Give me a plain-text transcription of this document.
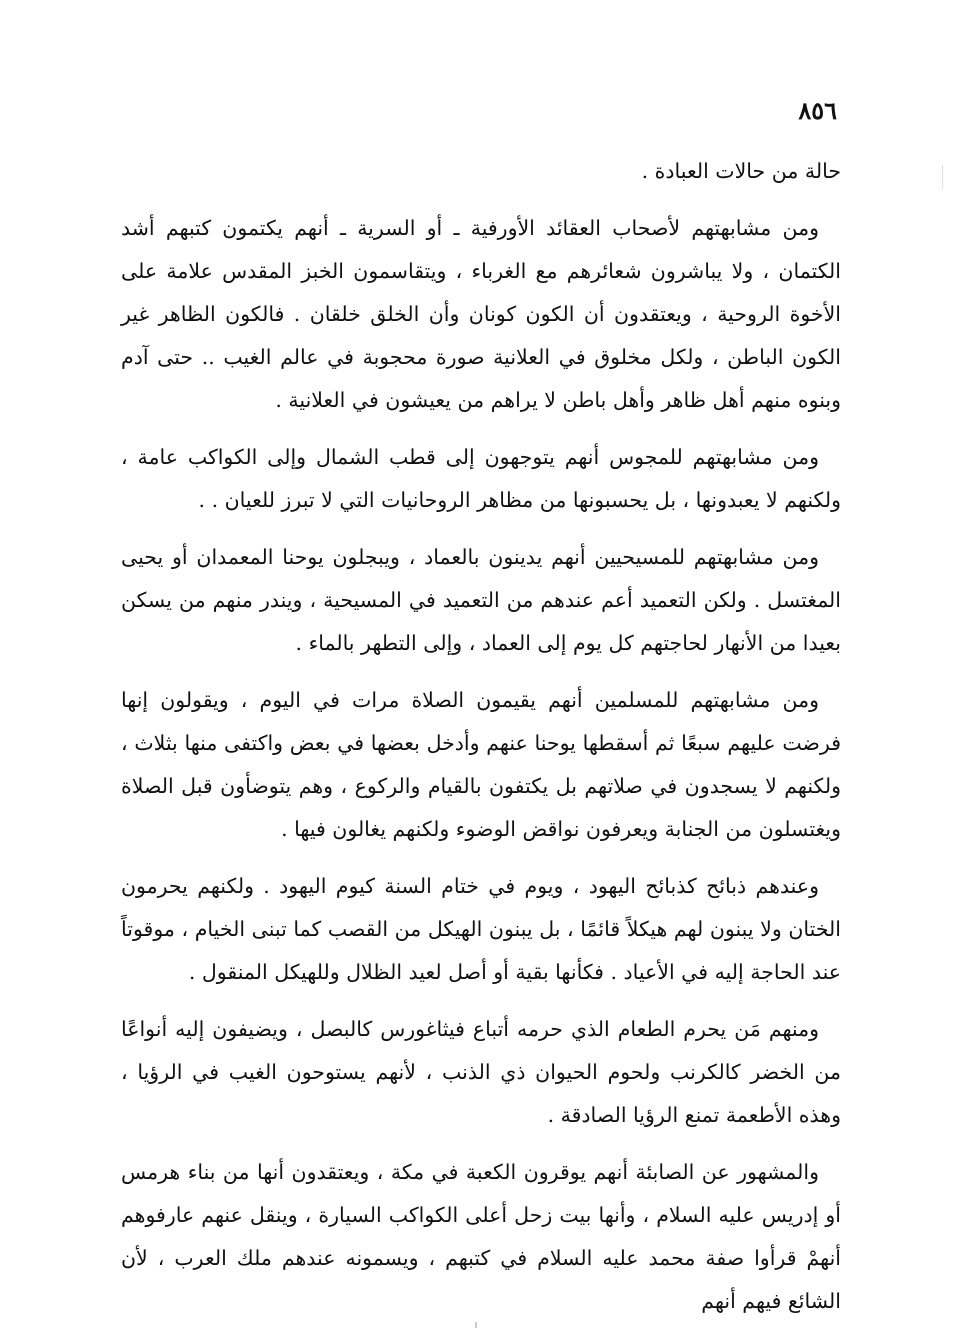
٨٥٦

حالة من حالات العبادة .

ومن مشابهتهم لأصحاب العقائد الأورفية ـ أو السرية ـ أنهم يكتمون كتبهم أشد الكتمان ، ولا يباشرون شعائرهم مع الغرباء ، ويتقاسمون الخبز المقدس علامة على الأخوة الروحية ، ويعتقدون أن الكون كونان وأن الخلق خلقان . فالكون الظاهر غير الكون الباطن ، ولكل مخلوق في العلانية صورة محجوبة في عالم الغيب .. حتى آدم وبنوه منهم أهل ظاهر وأهل باطن لا يراهم من يعيشون في العلانية .

ومن مشابهتهم للمجوس أنهم يتوجهون إلى قطب الشمال وإلى الكواكب عامة ، ولكنهم لا يعبدونها ، بل يحسبونها من مظاهر الروحانيات التي لا تبرز للعيان . .

ومن مشابهتهم للمسيحيين أنهم يدينون بالعماد ، ويبجلون يوحنا المعمدان أو يحيى المغتسل . ولكن التعميد أعم عندهم من التعميد في المسيحية ، ويندر منهم من يسكن بعيدا من الأنهار لحاجتهم كل يوم إلى العماد ، وإلى التطهر بالماء .

ومن مشابهتهم للمسلمين أنهم يقيمون الصلاة مرات في اليوم ، ويقولون إنها فرضت عليهم سبعًا ثم أسقطها يوحنا عنهم وأدخل بعضها في بعض واكتفى منها بثلاث ، ولكنهم لا يسجدون في صلاتهم بل يكتفون بالقيام والركوع ، وهم يتوضأون قبل الصلاة ويغتسلون من الجنابة ويعرفون نواقض الوضوء ولكنهم يغالون فيها .

وعندهم ذبائح كذبائح اليهود ، ويوم في ختام السنة كيوم اليهود . ولكنهم يحرمون الختان ولا يبنون لهم هيكلاً قائمًا ، بل يبنون الهيكل من القصب كما تبنى الخيام ، موقوتاً عند الحاجة إليه في الأعياد . فكأنها بقية أو أصل لعيد الظلال وللهيكل المنقول .

ومنهم مَن يحرم الطعام الذي حرمه أتباع فيثاغورس كالبصل ، ويضيفون إليه أنواعًا من الخضر كالكرنب ولحوم الحيوان ذي الذنب ، لأنهم يستوحون الغيب في الرؤيا ، وهذه الأطعمة تمنع الرؤيا الصادقة .

والمشهور عن الصابئة أنهم يوقرون الكعبة في مكة ، ويعتقدون أنها من بناء هرمس أو إدريس عليه السلام ، وأنها بيت زحل أعلى الكواكب السيارة ، وينقل عنهم عارفوهم أنهمْ قرأوا صفة محمد عليه السلام في كتبهم ، ويسمونه عندهم ملك العرب ، لأن الشائع فيهم أنهم
